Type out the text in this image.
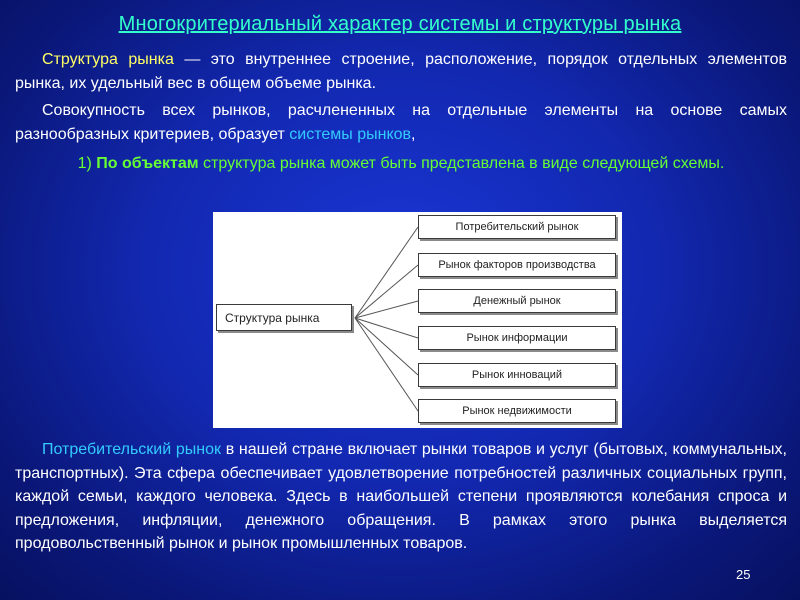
Многокритериальный характер системы и структуры рынка
Структура рынка — это внутреннее строение, расположение, порядок отдельных элементов рынка, их удельный вес в общем объеме рынка.
Совокупность всех рынков, расчлененных на отдельные элементы на основе самых разнообразных критериев, образует системы рынков,
1) По объектам структура рынка может быть представлена в виде следующей схемы.
Структура рынка
Потребительский рынок
Рынок факторов производства
Денежный рынок
Рынок информации
Рынок инноваций
Рынок недвижимости
Потребительский рынок в нашей стране включает рынки товаров и услуг (бытовых, коммунальных, транспортных). Эта сфера обеспечивает удовлетворение потребностей различных социальных групп, каждой семьи, каждого человека. Здесь в наибольшей степени проявляются колебания спроса и предложения, инфляции, денежного обращения. В рамках этого рынка выделяется продовольственный рынок и рынок промышленных товаров.
25
